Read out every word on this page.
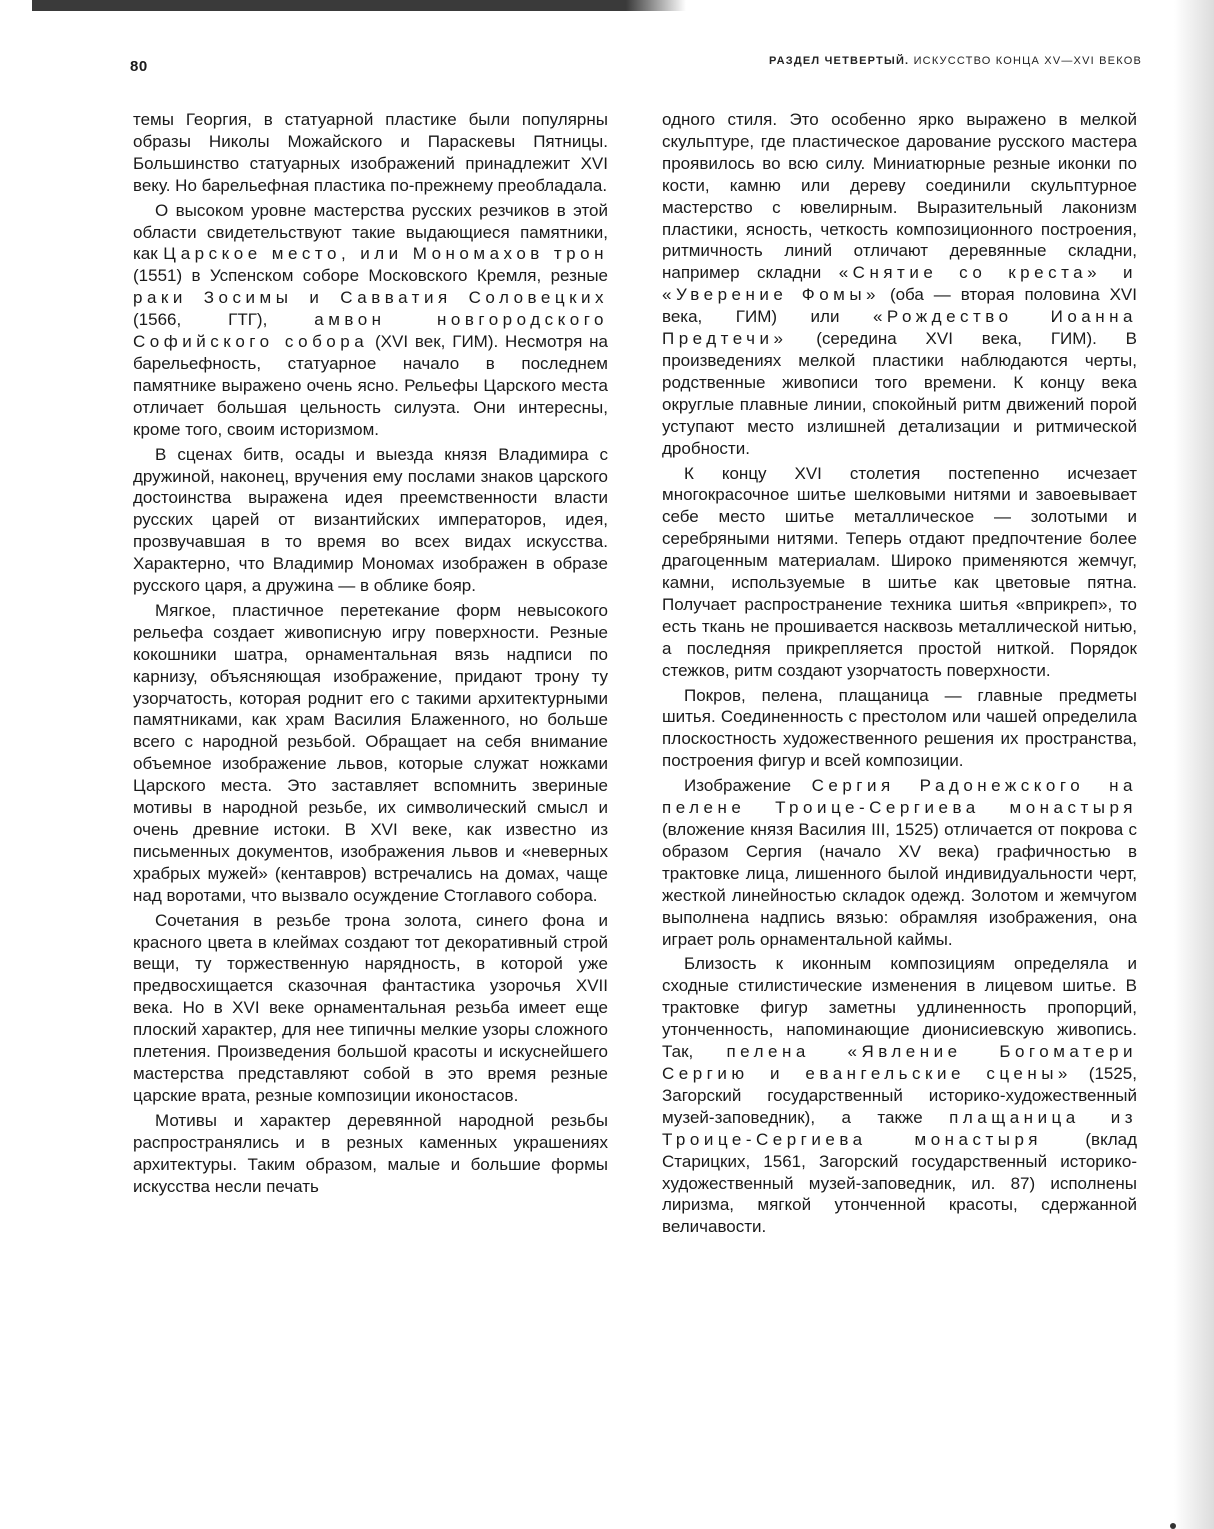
80	РАЗДЕЛ ЧЕТВЕРТЫЙ. ИСКУССТВО КОНЦА XV—XVI ВЕКОВ

темы Георгия, в статуарной пластике были популярны образы Николы Можайского и Параскевы Пятницы. Большинство статуарных изображений принадлежит XVI веку. Но барельефная пластика по-прежнему преобладала.

О высоком уровне мастерства русских резчиков в этой области свидетельствуют такие выдающиеся памятники, как Царское место, или Мономахов трон (1551) в Успенском соборе Московского Кремля, резные раки Зосимы и Савватия Соловецких (1566, ГТГ), амвон новгородского Софийского собора (XVI век, ГИМ). Несмотря на барельефность, статуарное начало в последнем памятнике выражено очень ясно. Рельефы Царского места отличает большая цельность силуэта. Они интересны, кроме того, своим историзмом.

В сценах битв, осады и выезда князя Владимира с дружиной, наконец, вручения ему послами знаков царского достоинства выражена идея преемственности власти русских царей от византийских императоров, идея, прозвучавшая в то время во всех видах искусства. Характерно, что Владимир Мономах изображен в образе русского царя, а дружина — в облике бояр.

Мягкое, пластичное перетекание форм невысокого рельефа создает живописную игру поверхности. Резные кокошники шатра, орнаментальная вязь надписи по карнизу, объясняющая изображение, придают трону ту узорчатость, которая роднит его с такими архитектурными памятниками, как храм Василия Блаженного, но больше всего с народной резьбой. Обращает на себя внимание объемное изображение львов, которые служат ножками Царского места. Это заставляет вспомнить звериные мотивы в народной резьбе, их символический смысл и очень древние истоки. В XVI веке, как известно из письменных документов, изображения львов и «неверных храбрых мужей» (кентавров) встречались на домах, чаще над воротами, что вызвало осуждение Стоглавого собора.

Сочетания в резьбе трона золота, синего фона и красного цвета в клеймах создают тот декоративный строй вещи, ту торжественную нарядность, в которой уже предвосхищается сказочная фантастика узорочья XVII века. Но в XVI веке орнаментальная резьба имеет еще плоский характер, для нее типичны мелкие узоры сложного плетения. Произведения большой красоты и искуснейшего мастерства представляют собой в это время резные царские врата, резные композиции иконостасов.

Мотивы и характер деревянной народной резьбы распространялись и в резных каменных украшениях архитектуры. Таким образом, малые и большие формы искусства несли печать

одного стиля. Это особенно ярко выражено в мелкой скульптуре, где пластическое дарование русского мастера проявилось во всю силу. Миниатюрные резные иконки по кости, камню или дереву соединили скульптурное мастерство с ювелирным. Выразительный лаконизм пластики, ясность, четкость композиционного построения, ритмичность линий отличают деревянные складни, например складни «Снятие со креста» и «Уверение Фомы» (оба — вторая половина XVI века, ГИМ) или «Рождество Иоанна Предтечи» (середина XVI века, ГИМ). В произведениях мелкой пластики наблюдаются черты, родственные живописи того времени. К концу века округлые плавные линии, спокойный ритм движений порой уступают место излишней детализации и ритмической дробности.

К концу XVI столетия постепенно исчезает многокрасочное шитье шелковыми нитями и завоевывает себе место шитье металлическое — золотыми и серебряными нитями. Теперь отдают предпочтение более драгоценным материалам. Широко применяются жемчуг, камни, используемые в шитье как цветовые пятна. Получает распространение техника шитья «вприкреп», то есть ткань не прошивается насквозь металлической нитью, а последняя прикрепляется простой ниткой. Порядок стежков, ритм создают узорчатость поверхности.

Покров, пелена, плащаница — главные предметы шитья. Соединенность с престолом или чашей определила плоскостность художественного решения их пространства, построения фигур и всей композиции.

Изображение Сергия Радонежского на пелене Троице-Сергиева монастыря (вложение князя Василия III, 1525) отличается от покрова с образом Сергия (начало XV века) графичностью в трактовке лица, лишенного былой индивидуальности черт, жесткой линейностью складок одежд. Золотом и жемчугом выполнена надпись вязью: обрамляя изображения, она играет роль орнаментальной каймы.

Близость к иконным композициям определяла и сходные стилистические изменения в лицевом шитье. В трактовке фигур заметны удлиненность пропорций, утонченность, напоминающие дионисиевскую живопись. Так, пелена «Явление Богоматери Сергию и евангельские сцены» (1525, Загорский государственный историко-художественный музей-заповедник), а также плащаница из Троице-Сергиева монастыря (вклад Старицких, 1561, Загорский государственный историко-художественный музей-заповедник, ил. 87) исполнены лиризма, мягкой утонченной красоты, сдержанной величавости.
